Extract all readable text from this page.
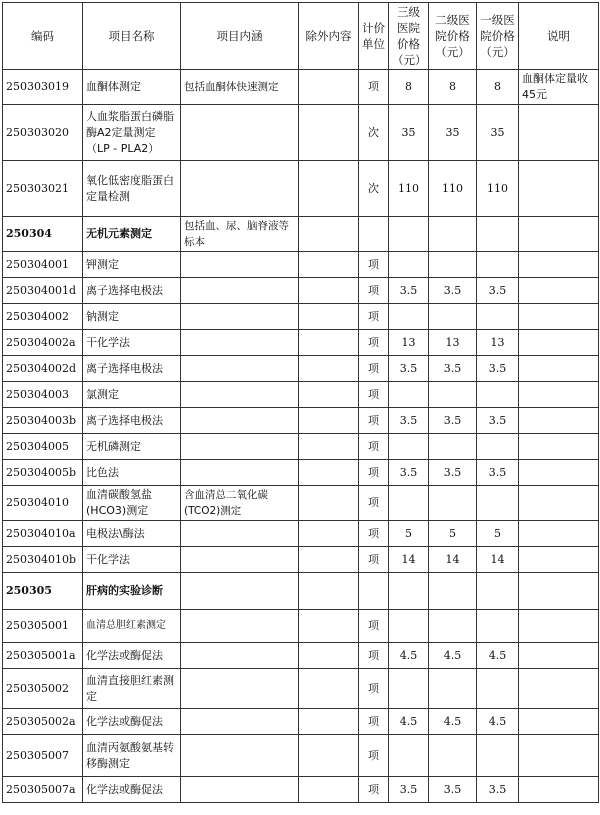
编码	项目名称	项目内涵	除外内容	计价单位	三级医院价格（元）	二级医院价格（元）	一级医院价格（元）	说明
250303019	血酮体测定	包括血酮体快速测定		项	8	8	8	血酮体定量收45元
250303020	人血浆脂蛋白磷脂酶A2定量测定（LP - PLA2）			次	35	35	35	
250303021	氧化低密度脂蛋白定量检测			次	110	110	110	
250304	无机元素测定	包括血、尿、脑脊液等标本						
250304001	钾测定			项				
250304001d	离子选择电极法			项	3.5	3.5	3.5	
250304002	钠测定			项				
250304002a	干化学法			项	13	13	13	
250304002d	离子选择电极法			项	3.5	3.5	3.5	
250304003	氯测定			项				
250304003b	离子选择电极法			项	3.5	3.5	3.5	
250304005	无机磷测定			项				
250304005b	比色法			项	3.5	3.5	3.5	
250304010	血清碳酸氢盐(HCO3)测定	含血清总二氧化碳(TCO2)测定		项				
250304010a	电极法\酶法			项	5	5	5	
250304010b	干化学法			项	14	14	14	
250305	肝病的实验诊断							
250305001	血清总胆红素测定			项				
250305001a	化学法或酶促法			项	4.5	4.5	4.5	
250305002	血清直接胆红素测定			项				
250305002a	化学法或酶促法			项	4.5	4.5	4.5	
250305007	血清丙氨酸氨基转移酶测定			项				
250305007a	化学法或酶促法			项	3.5	3.5	3.5	
